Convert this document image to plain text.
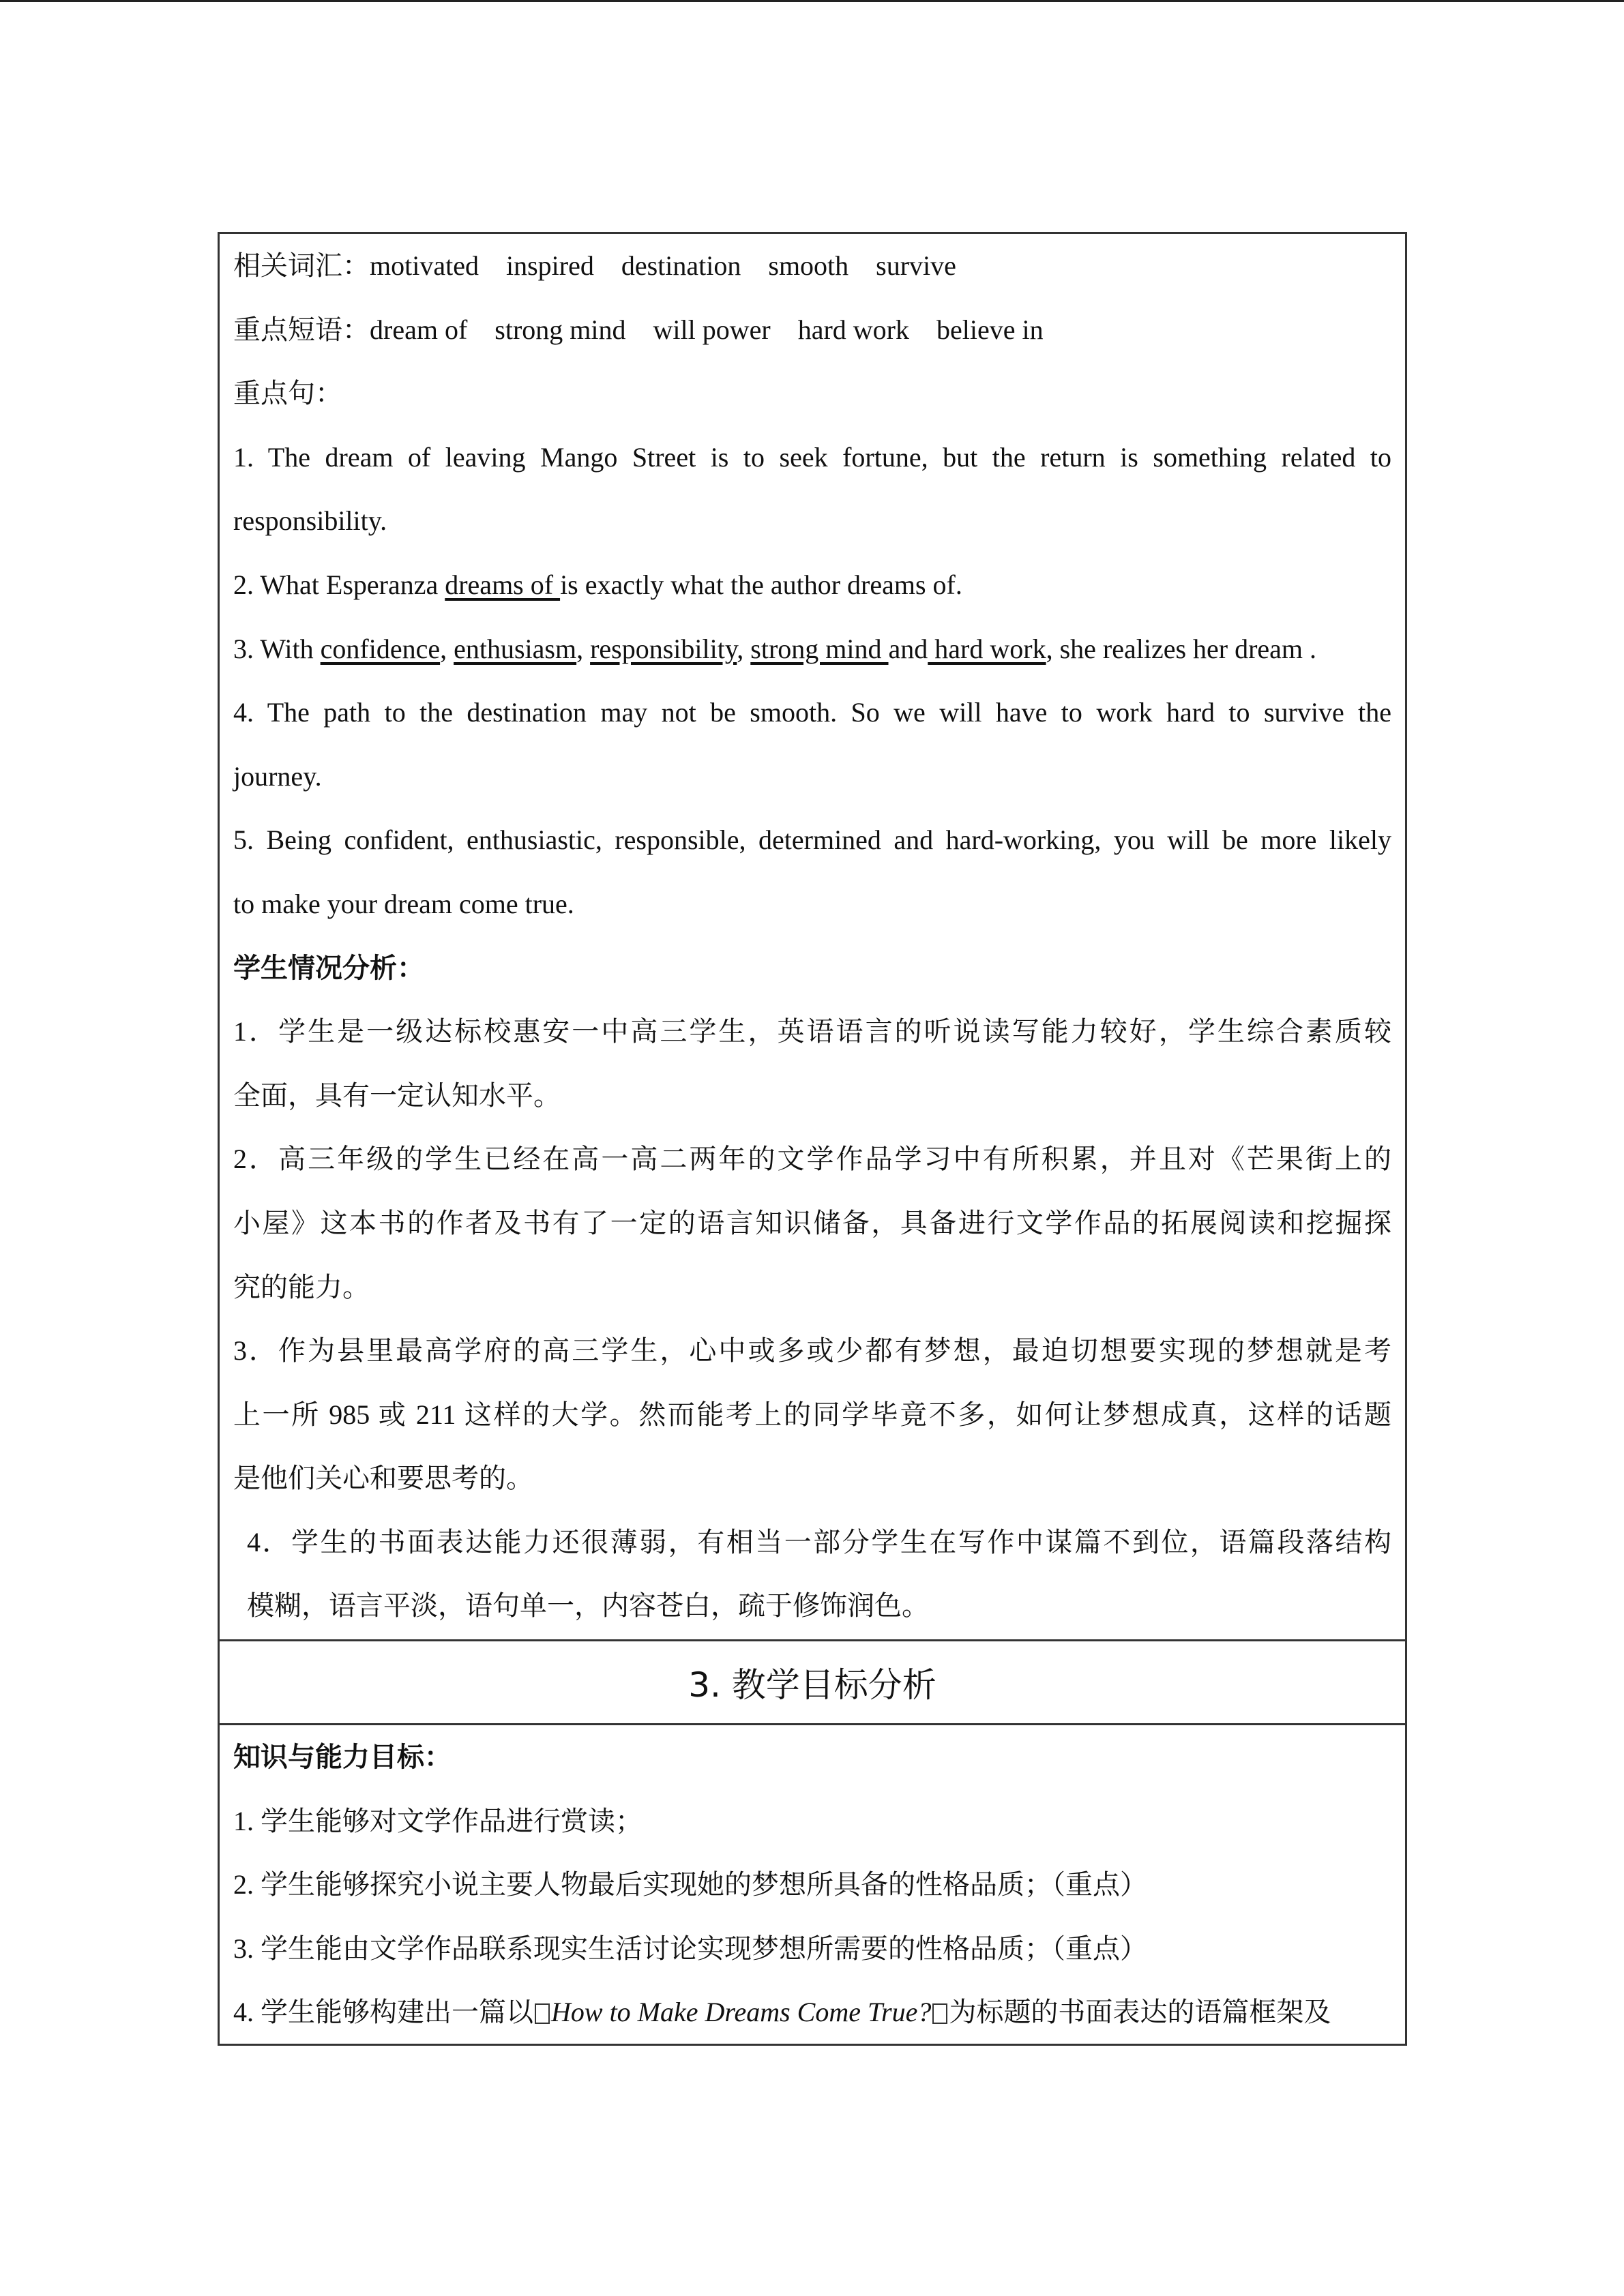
相关词汇：motivated inspired destination smooth survive
重点短语：dream of strong mind will power hard work believe in
重点句：
1. The dream of leaving Mango Street is to seek fortune, but the return is something related to
responsibility.
2. What Esperanza dreams of is exactly what the author dreams of.
3. With confidence, enthusiasm, responsibility, strong mind and hard work, she realizes her dream .
4. The path to the destination may not be smooth. So we will have to work hard to survive the
journey.
5. Being confident, enthusiastic, responsible, determined and hard-working, you will be more likely
to make your dream come true.
学生情况分析：
1．学生是一级达标校惠安一中高三学生，英语语言的听说读写能力较好，学生综合素质较
全面，具有一定认知水平。
2．高三年级的学生已经在高一高二两年的文学作品学习中有所积累，并且对《芒果街上的
小屋》这本书的作者及书有了一定的语言知识储备，具备进行文学作品的拓展阅读和挖掘探
究的能力。
3．作为县里最高学府的高三学生，心中或多或少都有梦想，最迫切想要实现的梦想就是考
上一所 985 或 211 这样的大学。然而能考上的同学毕竟不多，如何让梦想成真，这样的话题
是他们关心和要思考的。
4．学生的书面表达能力还很薄弱，有相当一部分学生在写作中谋篇不到位，语篇段落结构
模糊，语言平淡，语句单一，内容苍白，疏于修饰润色。
3. 教学目标分析
知识与能力目标：
1. 学生能够对文学作品进行赏读；
2. 学生能够探究小说主要人物最后实现她的梦想所具备的性格品质；（重点）
3. 学生能由文学作品联系现实生活讨论实现梦想所需要的性格品质；（重点）
4. 学生能够构建出一篇以 How to Make Dreams Come True? 为标题的书面表达的语篇框架及
